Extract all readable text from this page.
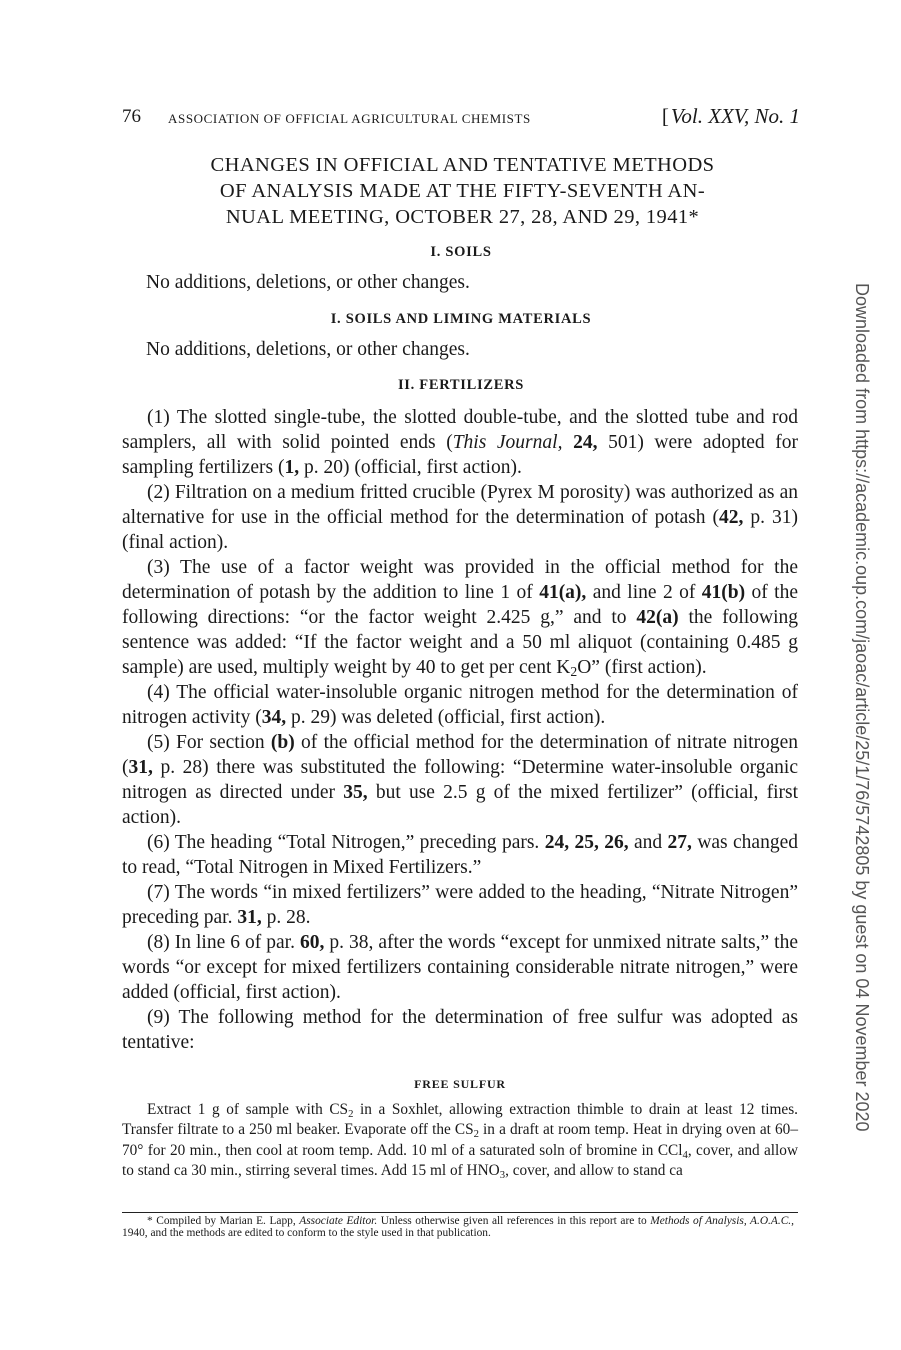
76 ASSOCIATION OF OFFICIAL AGRICULTURAL CHEMISTS	[Vol. XXV, No. 1
CHANGES IN OFFICIAL AND TENTATIVE METHODS
OF ANALYSIS MADE AT THE FIFTY-SEVENTH AN-
NUAL MEETING, OCTOBER 27, 28, AND 29, 1941*
I. SOILS
No additions, deletions, or other changes.
I. SOILS AND LIMING MATERIALS
No additions, deletions, or other changes.
II. FERTILIZERS

(1) The slotted single-tube, the slotted double-tube, and the slotted tube and rod samplers, all with solid pointed ends (This Journal, 24, 501) were adopted for sampling fertilizers (1, p. 20) (official, first action).

(2) Filtration on a medium fritted crucible (Pyrex M porosity) was authorized as an alternative for use in the official method for the determination of potash (42, p. 31) (final action).

(3) The use of a factor weight was provided in the official method for the determination of potash by the addition to line 1 of 41(a), and line 2 of 41(b) of the following directions: “or the factor weight 2.425 g,” and to 42(a) the following sentence was added: “If the factor weight and a 50 ml aliquot (containing 0.485 g sample) are used, multiply weight by 40 to get per cent $K_2O$” (first action).

(4) The official water-insoluble organic nitrogen method for the determination of nitrogen activity (34, p. 29) was deleted (official, first action).

(5) For section (b) of the official method for the determination of nitrate nitrogen (31, p. 28) there was substituted the following: “Determine water-insoluble organic nitrogen as directed under 35, but use 2.5 g of the mixed fertilizer” (official, first action).

(6) The heading “Total Nitrogen,” preceding pars. 24, 25, 26, and 27, was changed to read, “Total Nitrogen in Mixed Fertilizers.”

(7) The words “in mixed fertilizers” were added to the heading, “Nitrate Nitrogen” preceding par. 31, p. 28.

(8) In line 6 of par. 60, p. 38, after the words “except for unmixed nitrate salts,” the words “or except for mixed fertilizers containing considerable nitrate nitrogen,” were added (official, first action).

(9) The following method for the determination of free sulfur was adopted as tentative:

FREE SULFUR

Extract 1 g of sample with $CS_2$ in a Soxhlet, allowing extraction thimble to drain at least 12 times. Transfer filtrate to a 250 ml beaker. Evaporate off the $CS_2$ in a draft at room temp. Heat in drying oven at 60–70° for 20 min., then cool at room temp. Add. 10 ml of a saturated soln of bromine in CCl$_4$, cover, and allow to stand ca 30 min., stirring several times. Add 15 ml of $HNO_3$, cover, and allow to stand ca

* Compiled by Marian E. Lapp, Associate Editor. Unless otherwise given all references in this report are to Methods of Analysis, A.O.A.C., 1940, and the methods are edited to conform to the style used in that publication.

Downloaded from https://academic.oup.com/jaoac/article/25/1/76/5742805 by guest on 04 November 2020
